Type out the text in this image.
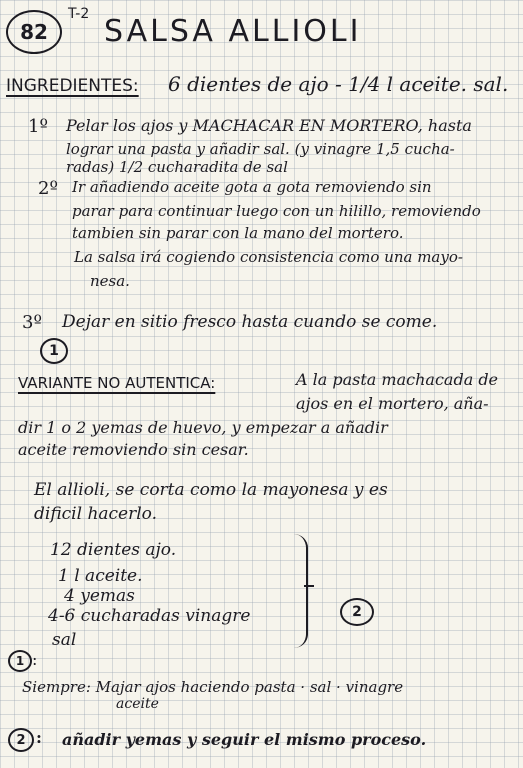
82
T-2 SALSA ALLIOLI
INGREDIENTES: 6 dientes de ajo - 1/4 l aceite. sal.
1º Pelar los ajos y MACHACAR EN MORTERO, hasta
lograr una pasta y añadir sal. (y vinagre 1,5 cucha-
radas) 1/2 cucharadita de sal
2º Ir añadiendo aceite gota a gota removiendo sin
parar para continuar luego con un hilillo, removiendo
tambien sin parar con la mano del mortero.
La salsa irá cogiendo consistencia como una mayo-
nesa.
3º Dejar en sitio fresco hasta cuando se come.
1
VARIANTE NO AUTENTICA:	A la pasta machacada de
ajos en el mortero, aña-
dir 1 o 2 yemas de huevo, y empezar a añadir
aceite removiendo sin cesar.
El allioli, se corta como la mayonesa y es
dificil hacerlo.
12 dientes ajo.
1 l aceite.
4 yemas
4-6 cucharadas vinagre
sal
2
1 :
Siempre: Majar ajos haciendo pasta · sal · vinagre
aceite
2 : añadir yemas y seguir el mismo proceso.
